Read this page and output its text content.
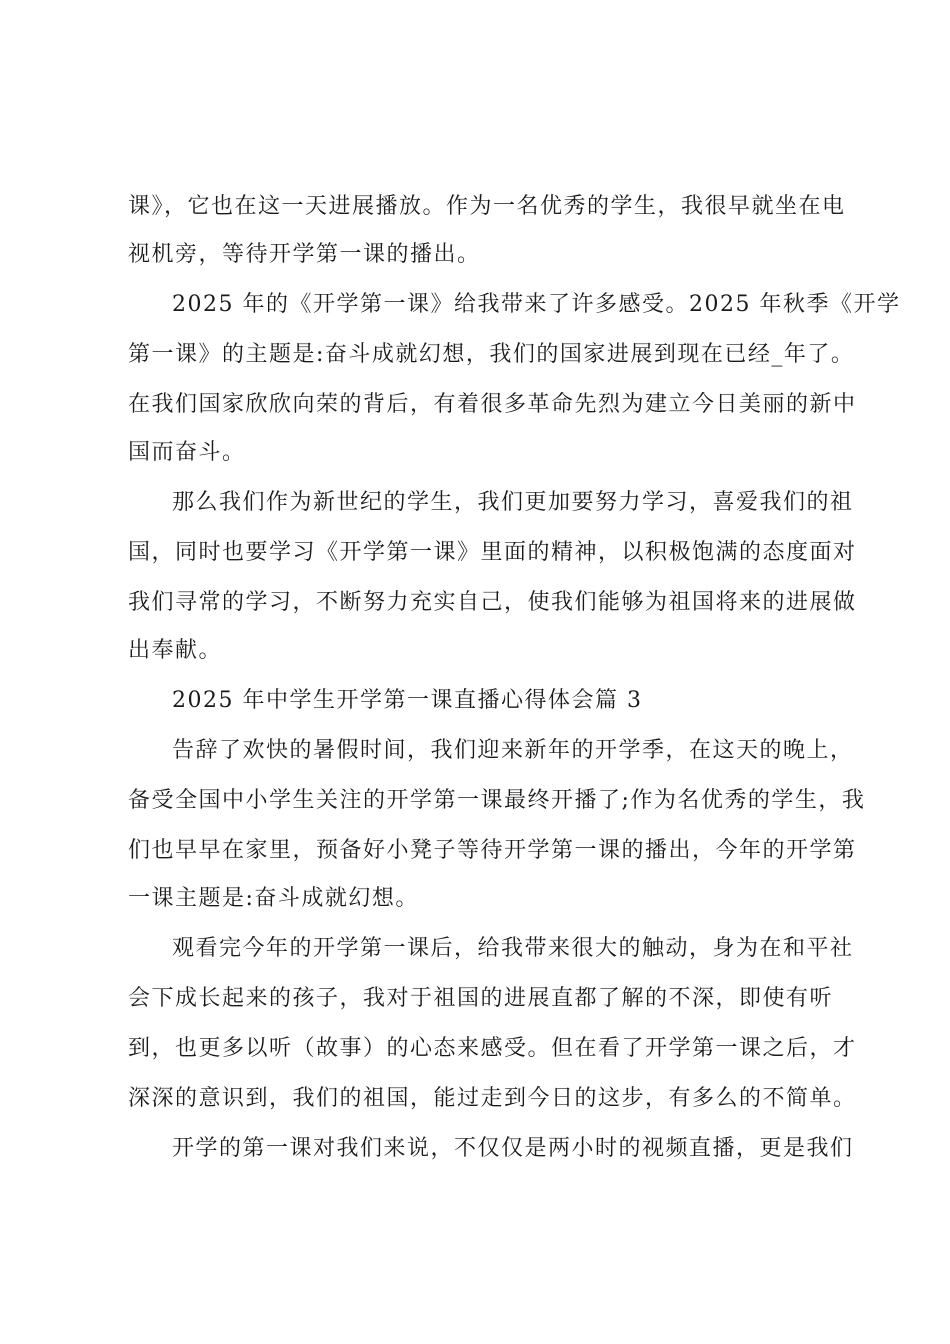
课》，它也在这一天进展播放。作为一名优秀的学生，我很早就坐在电
视机旁，等待开学第一课的播出。
2025 年的《开学第一课》给我带来了许多感受。2025 年秋季《开学
第一课》的主题是:奋斗成就幻想，我们的国家进展到现在已经_年了。
在我们国家欣欣向荣的背后，有着很多革命先烈为建立今日美丽的新中
国而奋斗。
那么我们作为新世纪的学生，我们更加要努力学习，喜爱我们的祖
国，同时也要学习《开学第一课》里面的精神，以积极饱满的态度面对
我们寻常的学习，不断努力充实自己，使我们能够为祖国将来的进展做
出奉献。
2025 年中学生开学第一课直播心得体会篇 3
告辞了欢快的暑假时间，我们迎来新年的开学季，在这天的晚上，
备受全国中小学生关注的开学第一课最终开播了;作为名优秀的学生，我
们也早早在家里，预备好小凳子等待开学第一课的播出，今年的开学第
一课主题是:奋斗成就幻想。
观看完今年的开学第一课后，给我带来很大的触动，身为在和平社
会下成长起来的孩子，我对于祖国的进展直都了解的不深，即使有听
到，也更多以听（故事）的心态来感受。但在看了开学第一课之后，才
深深的意识到，我们的祖国，能过走到今日的这步，有多么的不简单。
开学的第一课对我们来说，不仅仅是两小时的视频直播，更是我们
